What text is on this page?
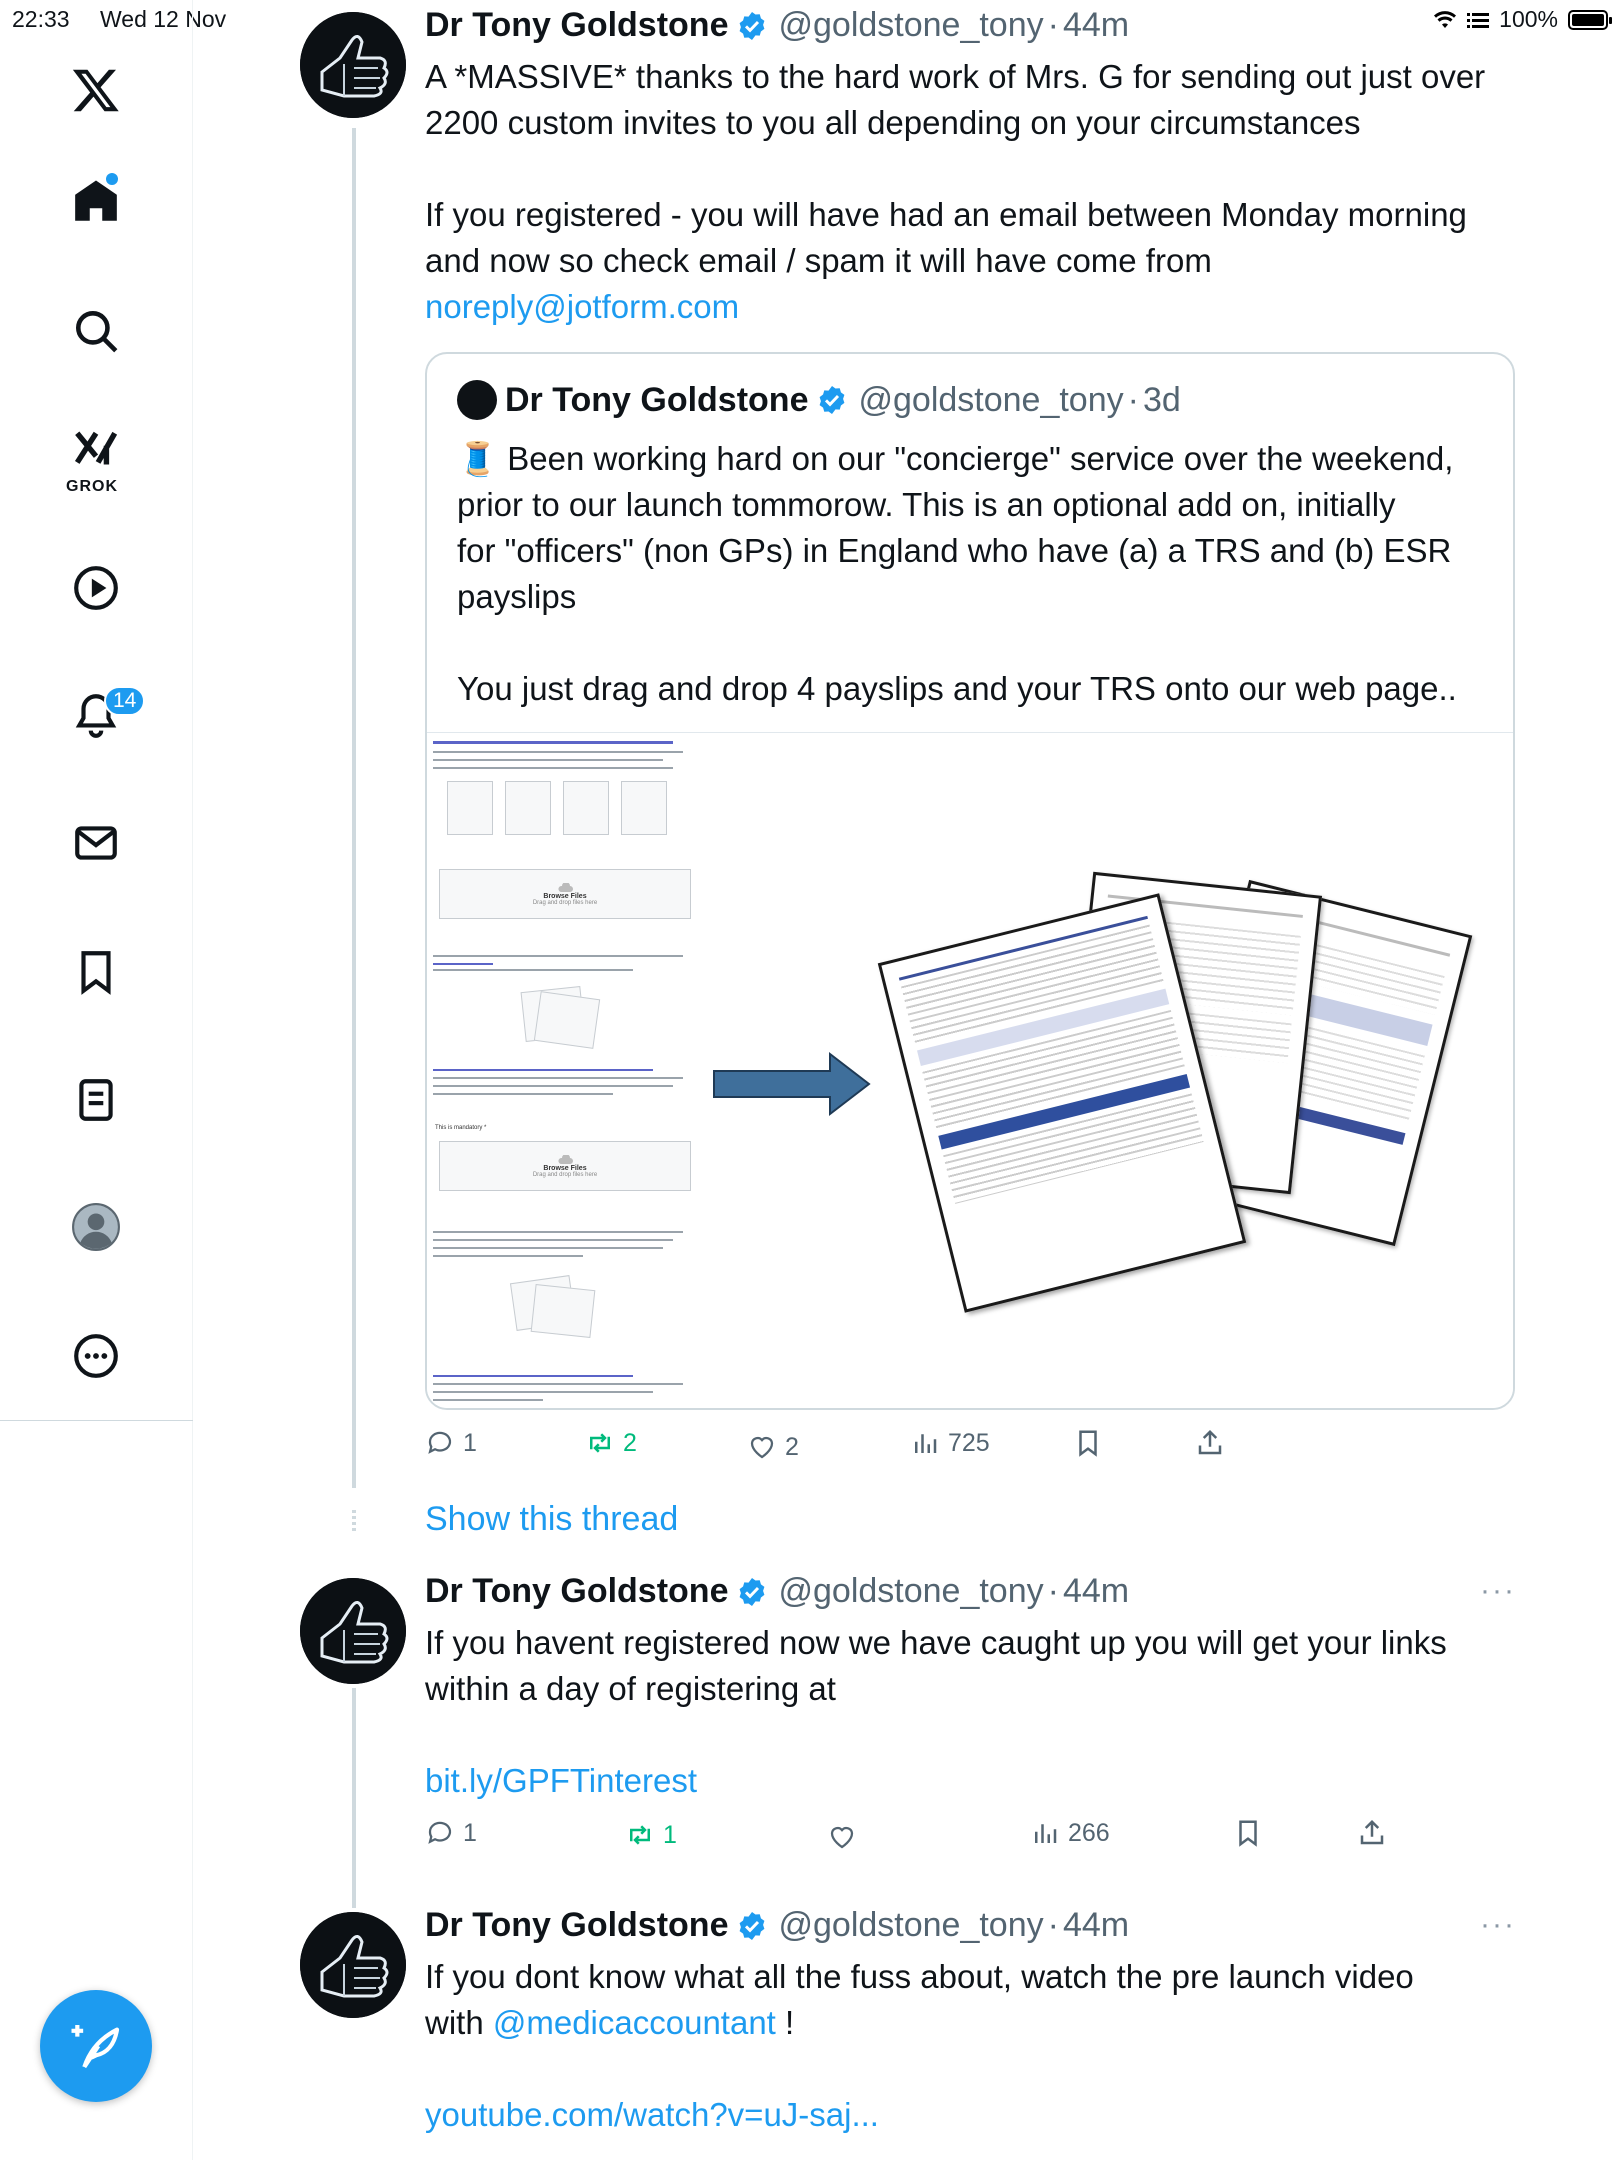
22:33 Wed 12 Nov	100%
GROK
14
Dr Tony Goldstone @goldstone_tony · 44m
A *MASSIVE* thanks to the hard work of Mrs. G for sending out just over
2200 custom invites to you all depending on your circumstances
If you registered - you will have had an email between Monday morning
and now so check email / spam it will have come from
noreply@jotform.com
Dr Tony Goldstone @goldstone_tony · 3d
🧵 Been working hard on our "concierge" service over the weekend,
prior to our launch tommorow. This is an optional add on, initially
for "officers" (non GPs) in England who have (a) a TRS and (b) ESR
payslips
You just drag and drop 4 payslips and your TRS onto our web page..
Browse Files
Drag and drop files here
This is mandatory *
Browse Files
Drag and drop files here
1	2	2	725
Show this thread
Dr Tony Goldstone @goldstone_tony · 44m	···
If you havent registered now we have caught up you will get your links
within a day of registering at
bit.ly/GPFTinterest
1	1	266
Dr Tony Goldstone @goldstone_tony · 44m	···
If you dont know what all the fuss about, watch the pre launch video
with @medicaccountant !
youtube.com/watch?v=uJ-saj...
